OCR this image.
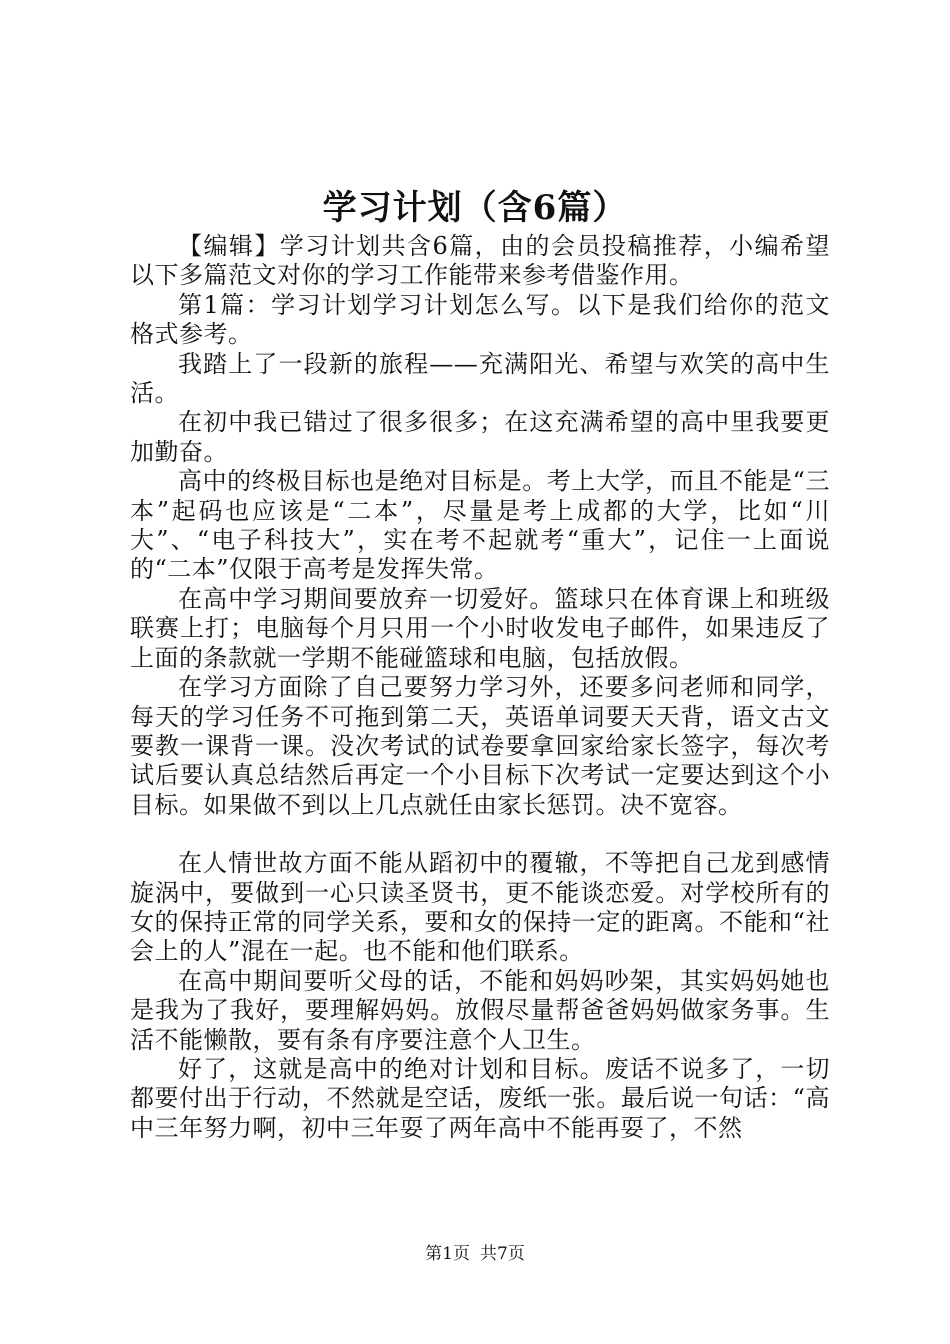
学习计划（含6篇）

【编辑】学习计划共含6篇，由的会员投稿推荐，小编希望以下多篇范文对你的学习工作能带来参考借鉴作用。

第1篇：学习计划学习计划怎么写。以下是我们给你的范文格式参考。

我踏上了一段新的旅程——充满阳光、希望与欢笑的高中生活。

在初中我已错过了很多很多；在这充满希望的高中里我要更加勤奋。

高中的终极目标也是绝对目标是。考上大学，而且不能是“三本”起码也应该是“二本”，尽量是考上成都的大学，比如“川大”、“电子科技大”，实在考不起就考“重大”，记住一上面说的“二本”仅限于高考是发挥失常。

在高中学习期间要放弃一切爱好。篮球只在体育课上和班级联赛上打；电脑每个月只用一个小时收发电子邮件，如果违反了上面的条款就一学期不能碰篮球和电脑，包括放假。

在学习方面除了自己要努力学习外，还要多问老师和同学，每天的学习任务不可拖到第二天，英语单词要天天背，语文古文要教一课背一课。没次考试的试卷要拿回家给家长签字，每次考试后要认真总结然后再定一个小目标下次考试一定要达到这个小目标。如果做不到以上几点就任由家长惩罚。决不宽容。

在人情世故方面不能从蹈初中的覆辙，不等把自己龙到感情旋涡中，要做到一心只读圣贤书，更不能谈恋爱。对学校所有的女的保持正常的同学关系，要和女的保持一定的距离。不能和“社会上的人”混在一起。也不能和他们联系。

在高中期间要听父母的话，不能和妈妈吵架，其实妈妈她也是我为了我好，要理解妈妈。放假尽量帮爸爸妈妈做家务事。生活不能懒散，要有条有序要注意个人卫生。

好了，这就是高中的绝对计划和目标。废话不说多了，一切都要付出于行动，不然就是空话，废纸一张。最后说一句话：“高中三年努力啊，初中三年耍了两年高中不能再耍了，不然

第1页 共7页
